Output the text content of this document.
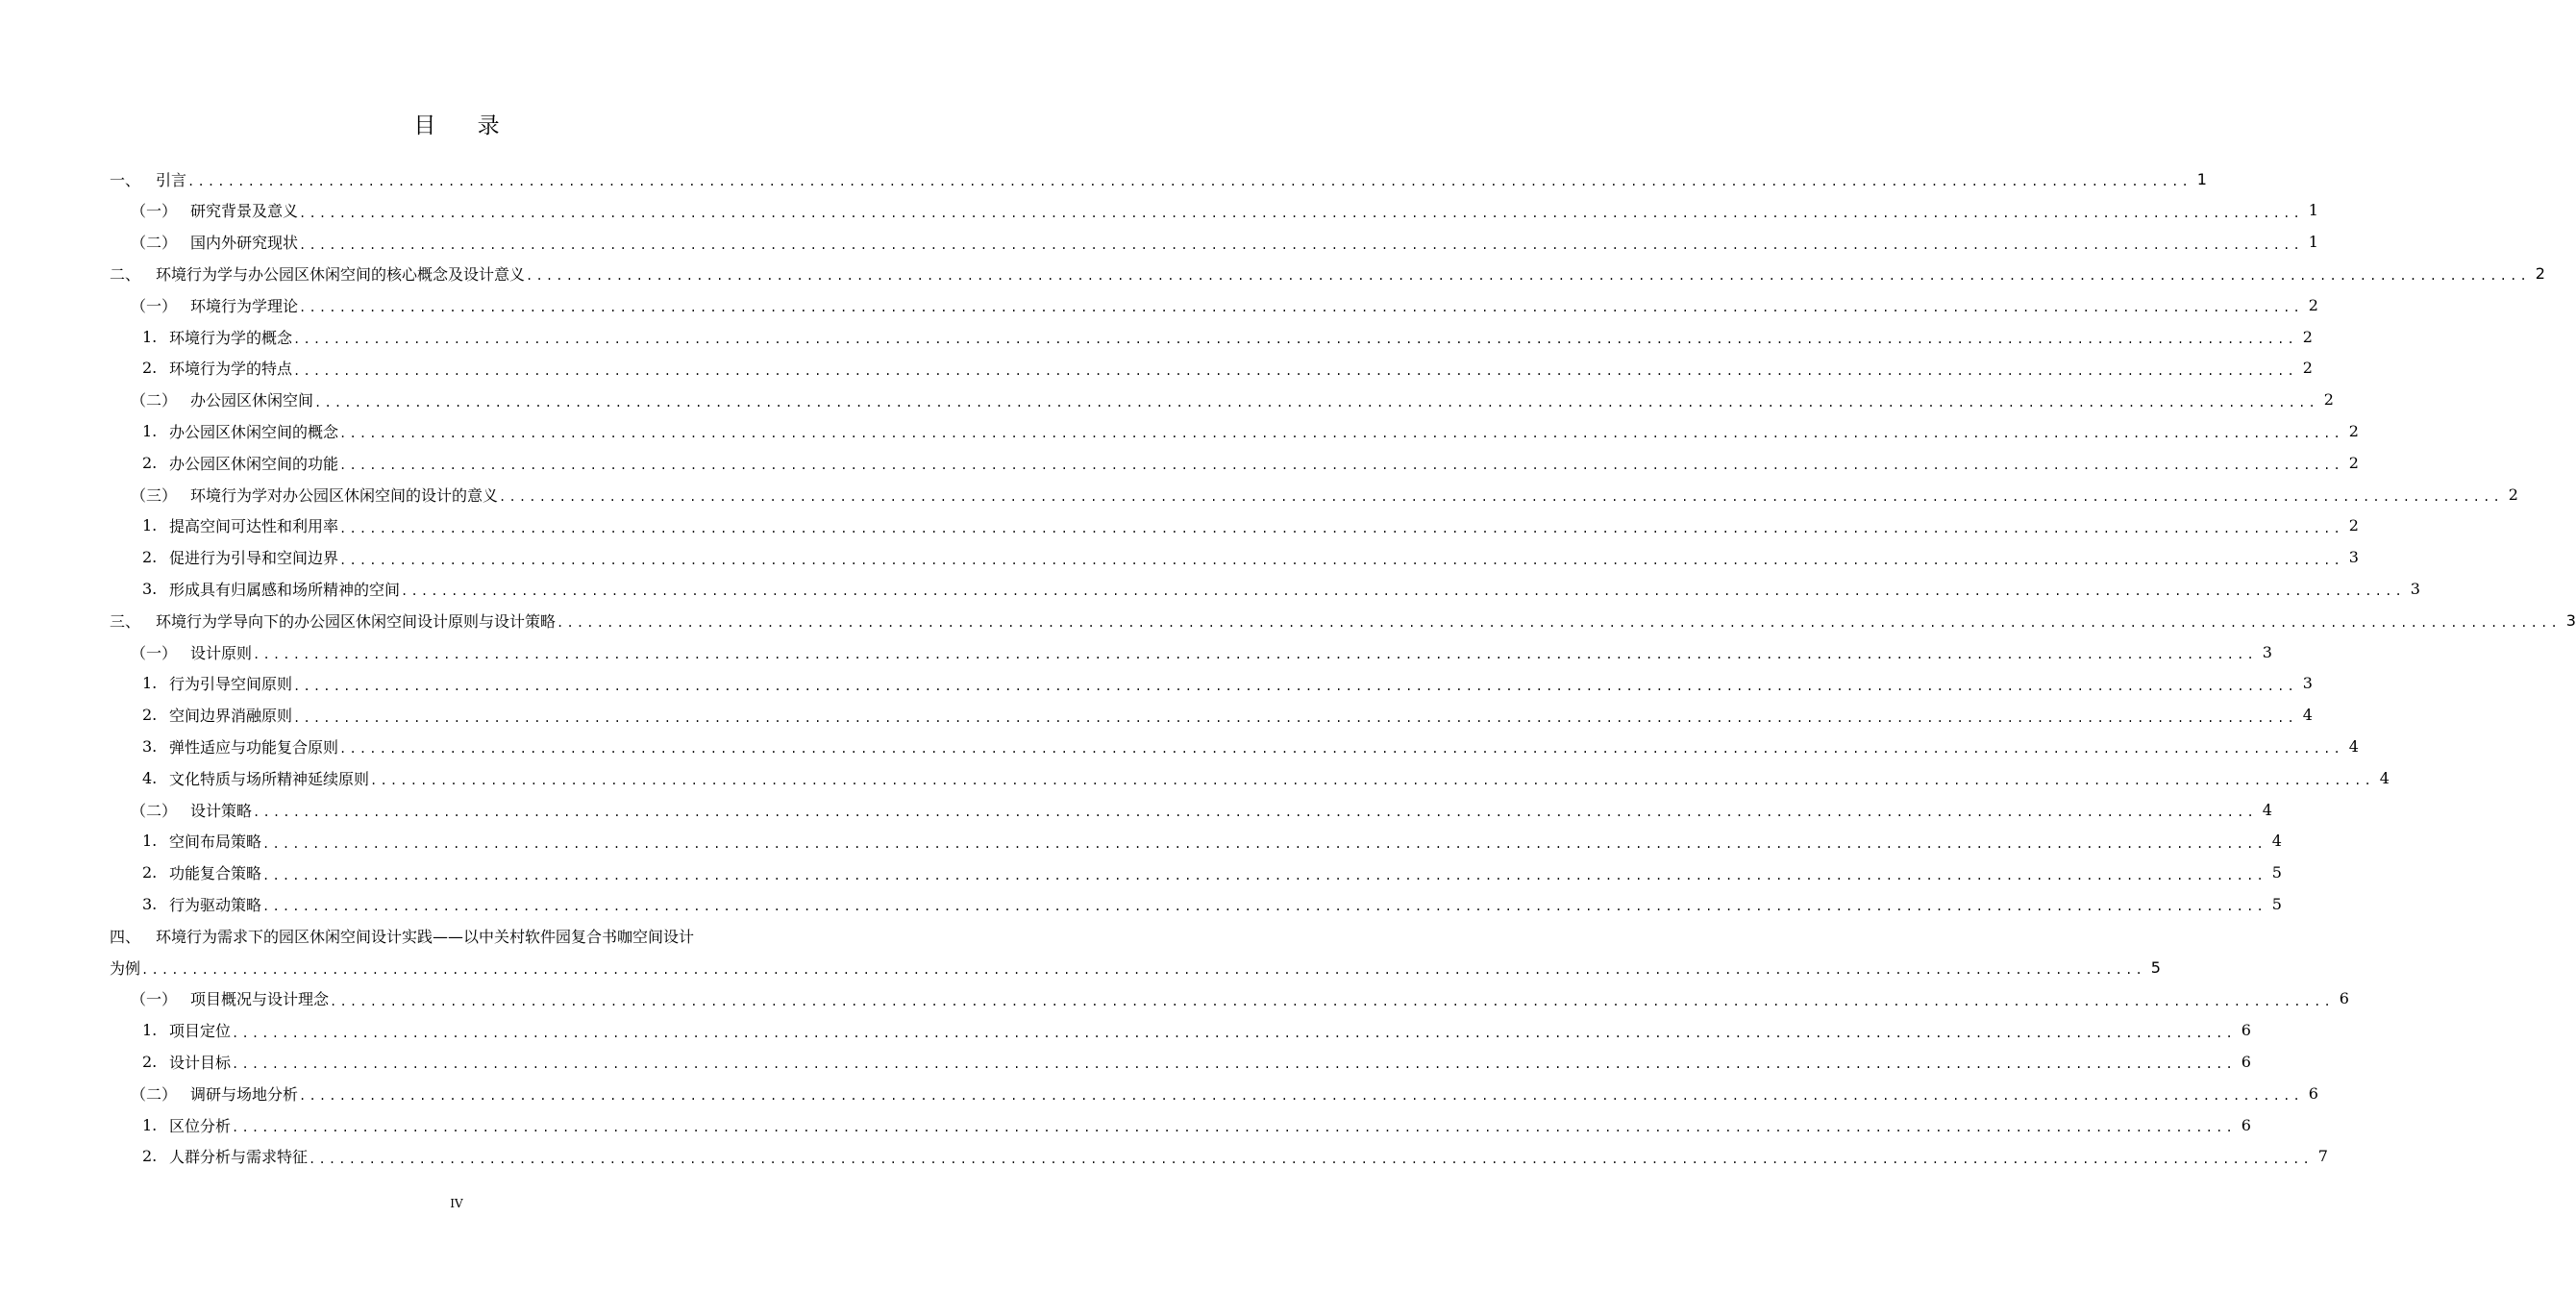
目 录
一、 引言 ........................................................................................................................................................................................................ 1
（一） 研究背景及意义 ........................................................................................................................................................................................................ 1
（二） 国内外研究现状 ........................................................................................................................................................................................................ 1
二、 环境行为学与办公园区休闲空间的核心概念及设计意义 ........................................................................................................................................................................................................ 2
（一） 环境行为学理论 ........................................................................................................................................................................................................ 2
1. 环境行为学的概念 ........................................................................................................................................................................................................ 2
2. 环境行为学的特点 ........................................................................................................................................................................................................ 2
（二） 办公园区休闲空间 ........................................................................................................................................................................................................ 2
1. 办公园区休闲空间的概念 ........................................................................................................................................................................................................ 2
2. 办公园区休闲空间的功能 ........................................................................................................................................................................................................ 2
（三） 环境行为学对办公园区休闲空间的设计的意义 ........................................................................................................................................................................................................ 2
1. 提高空间可达性和利用率 ........................................................................................................................................................................................................ 2
2. 促进行为引导和空间边界 ........................................................................................................................................................................................................ 3
3. 形成具有归属感和场所精神的空间 ........................................................................................................................................................................................................ 3
三、 环境行为学导向下的办公园区休闲空间设计原则与设计策略 ........................................................................................................................................................................................................ 3
（一） 设计原则 ........................................................................................................................................................................................................ 3
1. 行为引导空间原则 ........................................................................................................................................................................................................ 3
2. 空间边界消融原则 ........................................................................................................................................................................................................ 4
3. 弹性适应与功能复合原则 ........................................................................................................................................................................................................ 4
4. 文化特质与场所精神延续原则 ........................................................................................................................................................................................................ 4
（二） 设计策略 ........................................................................................................................................................................................................ 4
1. 空间布局策略 ........................................................................................................................................................................................................ 4
2. 功能复合策略 ........................................................................................................................................................................................................ 5
3. 行为驱动策略 ........................................................................................................................................................................................................ 5
四、 环境行为需求下的园区休闲空间设计实践——以中关村软件园复合书咖空间设计
为例 ........................................................................................................................................................................................................ 5
（一） 项目概况与设计理念 ........................................................................................................................................................................................................ 6
1. 项目定位 ........................................................................................................................................................................................................ 6
2. 设计目标 ........................................................................................................................................................................................................ 6
（二） 调研与场地分析 ........................................................................................................................................................................................................ 6
1. 区位分析 ........................................................................................................................................................................................................ 6
2. 人群分析与需求特征 ........................................................................................................................................................................................................ 7
IV
